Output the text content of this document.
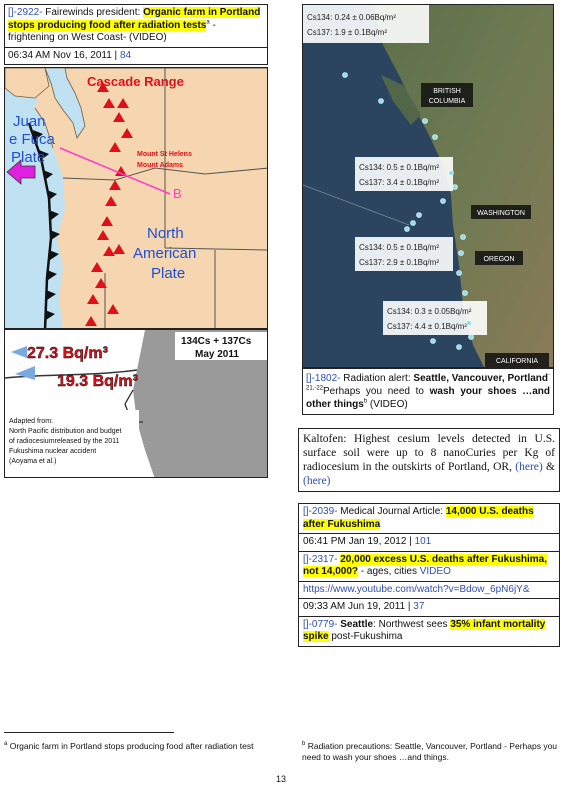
[]-2922- Fairewinds president: Organic farm in Portland stops producing food after radiation tests$^a$ - frightening on West Coast- (VIDEO)
06:34 AM Nov 16, 2011 | 84
B
Cascade Range
Juan
e Fuca
Plate
North
American
Plate
Mount St Helens
Mount Adams
27.3 Bq/m³
19.3 Bq/m³
134Cs + 137Cs
May 2011
Adapted from:
North Pacific distribution and budget
of radiocesiumreleased by the 2011
Fukushima nuclear accident
(Aoyama et al.)
Cs134: 0.24 ± 0.06Bq/m²
Cs137: 1.9 ± 0.1Bq/m²
BRITISH
COLUMBIA
Cs134: 0.5 ± 0.1Bq/m²
Cs137: 3.4 ± 0.1Bq/m²
WASHINGTON
Cs134: 0.5 ± 0.1Bq/m²
Cs137: 2.9 ± 0.1Bq/m²	OREGON
Cs134: 0.3 ± 0.05Bq/m²
Cs137: 4.4 ± 0.1Bq/m²
CALIFORNIA
[]-1802- Radiation alert: Seattle, Vancouver, Portland$^{-21,-22}$Perhaps you need to wash your shoes …and other things$^b$ (VIDEO)
Kaltofen: Highest cesium levels detected in U.S. surface soil were up to 8 nanoCuries per Kg of radiocesium in the outskirts of Portland, OR, (here) & (here)
[]-2039- Medical Journal Article: 14,000 U.S. deaths after Fukushima
06:41 PM Jan 19, 2012 | 101
[]-2317- 20,000 excess U.S. deaths after Fukushima, not 14,000? - ages, cities VIDEO
https://www.youtube.com/watch?v=Bdow_6pN6jY&
09:33 AM Jun 19, 2011 | 37
[]-0779- Seattle: Northwest sees 35% infant mortality spike post-Fukushima
$^a$ Organic farm in Portland stops producing food after radiation test	$^b$ Radiation precautions: Seattle, Vancouver, Portland - Perhaps you need to wash your shoes …and things.
13
